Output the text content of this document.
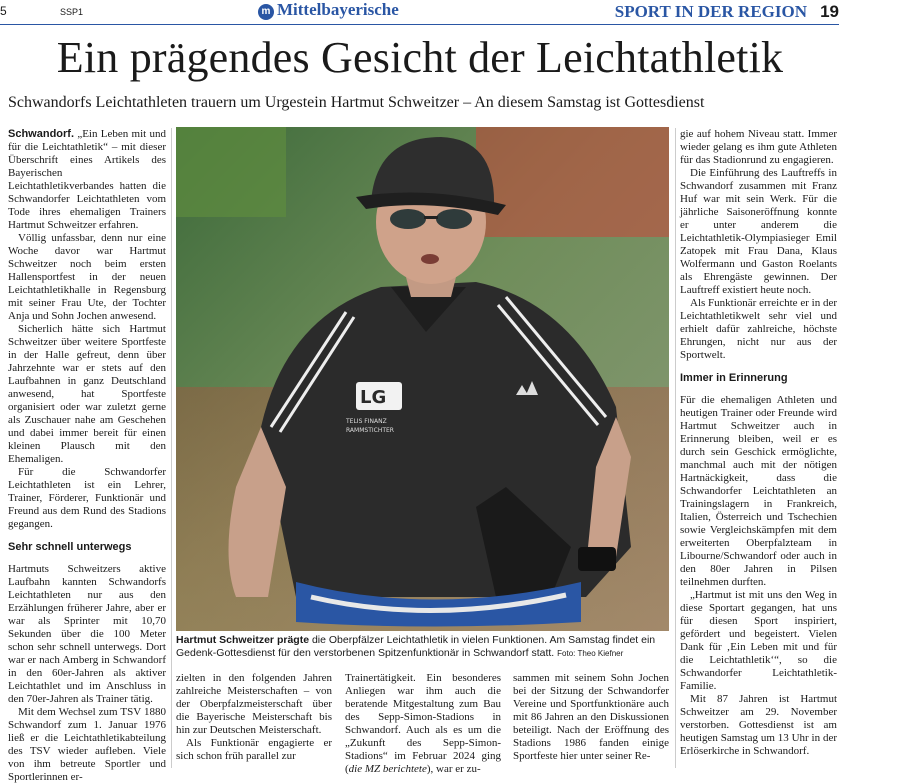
5	SSP1	m Mittelbayerische	SPORT IN DER REGION 19
Ein prägendes Gesicht der Leichtathletik
Schwandorfs Leichtathleten trauern um Urgestein Hartmut Schweitzer – An diesem Samstag ist Gottesdienst

Schwandorf. „Ein Leben mit und für die Leichtathletik“ – mit dieser Überschrift eines Artikels des Bayerischen Leichtathletikverbandes hatten die Schwandorfer Leichtathleten vom Tode ihres ehemaligen Trainers Hartmut Schweitzer erfahren.

Völlig unfassbar, denn nur eine Woche davor war Hartmut Schweitzer noch beim ersten Hallensportfest in der neuen Leichtathletikhalle in Regensburg mit seiner Frau Ute, der Tochter Anja und Sohn Jochen anwesend.

Sicherlich hätte sich Hartmut Schweitzer über weitere Sportfeste in der Halle gefreut, denn über Jahrzehnte war er stets auf den Laufbahnen in ganz Deutschland anwesend, hat Sportfeste organisiert oder war zuletzt gerne als Zuschauer nahe am Geschehen und dabei immer bereit für einen kleinen Plausch mit den Ehemaligen.

Für die Schwandorfer Leichtathleten ist ein Lehrer, Trainer, Förderer, Funktionär und Freund aus dem Rund des Stadions gegangen.

Sehr schnell unterwegs

Hartmuts Schweitzers aktive Laufbahn kannten Schwandorfs Leichtathleten nur aus den Erzählungen früherer Jahre, aber er war als Sprinter mit 10,70 Sekunden über die 100 Meter schon sehr schnell unterwegs. Dort war er nach Amberg in Schwandorf in den 60er-Jahren als aktiver Leichtathlet und im Anschluss in den 70er-Jahren als Trainer tätig.

Mit dem Wechsel zum TSV 1880 Schwandorf zum 1. Januar 1976 ließ er die Leichtathletikabteilung des TSV wieder aufleben. Viele von ihm betreute Sportler und Sportlerinnen er-

LG
TELIS FINANZ
RAMMSTICHTER
Hartmut Schweitzer prägte die Oberpfälzer Leichtathletik in vielen Funktionen. Am Samstag findet ein Gedenk-Gottesdienst für den verstorbenen Spitzenfunktionär in Schwandorf statt. Foto: Theo Kiefner

zielten in den folgenden Jahren zahlreiche Meisterschaften – von der Oberpfalzmeisterschaft über die Bayerische Meisterschaft bis hin zur Deutschen Meisterschaft.

Als Funktionär engagierte er sich schon früh parallel zur

Trainertätigkeit. Ein besonderes Anliegen war ihm auch die beratende Mitgestaltung zum Bau des Sepp-Simon-Stadions in Schwandorf. Auch als es um die „Zukunft des Sepp-Simon-Stadions“ im Februar 2024 ging (die MZ berichtete), war er zu-

sammen mit seinem Sohn Jochen bei der Sitzung der Schwandorfer Vereine und Sportfunktionäre auch mit 86 Jahren an den Diskussionen beteiligt. Nach der Eröffnung des Stadions 1986 fanden einige Sportfeste hier unter seiner Re-

gie auf hohem Niveau statt. Immer wieder gelang es ihm gute Athleten für das Stadionrund zu engagieren.

Die Einführung des Lauftreffs in Schwandorf zusammen mit Franz Huf war mit sein Werk. Für die jährliche Saisoneröffnung konnte er unter anderem die Leichtathletik-Olympiasieger Emil Zatopek mit Frau Dana, Klaus Wolfermann und Gaston Roelants als Ehrengäste gewinnen. Der Lauftreff existiert heute noch.

Als Funktionär erreichte er in der Leichtathletikwelt sehr viel und erhielt dafür zahlreiche, höchste Ehrungen, nicht nur aus der Sportwelt.

Immer in Erinnerung

Für die ehemaligen Athleten und heutigen Trainer oder Freunde wird Hartmut Schweitzer auch in Erinnerung bleiben, weil er es durch sein Geschick ermöglichte, manchmal auch mit der nötigen Hartnäckigkeit, dass die Schwandorfer Leichtathleten an Trainingslagern in Frankreich, Italien, Österreich und Tschechien sowie Vergleichskämpfen mit dem erweiterten Oberpfalzteam in Libourne/Schwandorf oder auch in den 80er Jahren in Pilsen teilnehmen durften.

„Hartmut ist mit uns den Weg in diese Sportart gegangen, hat uns für diesen Sport inspiriert, gefördert und begeistert. Vielen Dank für ‚Ein Leben mit und für die Leichtathletik‘“, so die Schwandorfer Leichtathletik-Familie.

Mit 87 Jahren ist Hartmut Schweitzer am 29. November verstorben. Gottesdienst ist am heutigen Samstag um 13 Uhr in der Erlöserkirche in Schwandorf.
